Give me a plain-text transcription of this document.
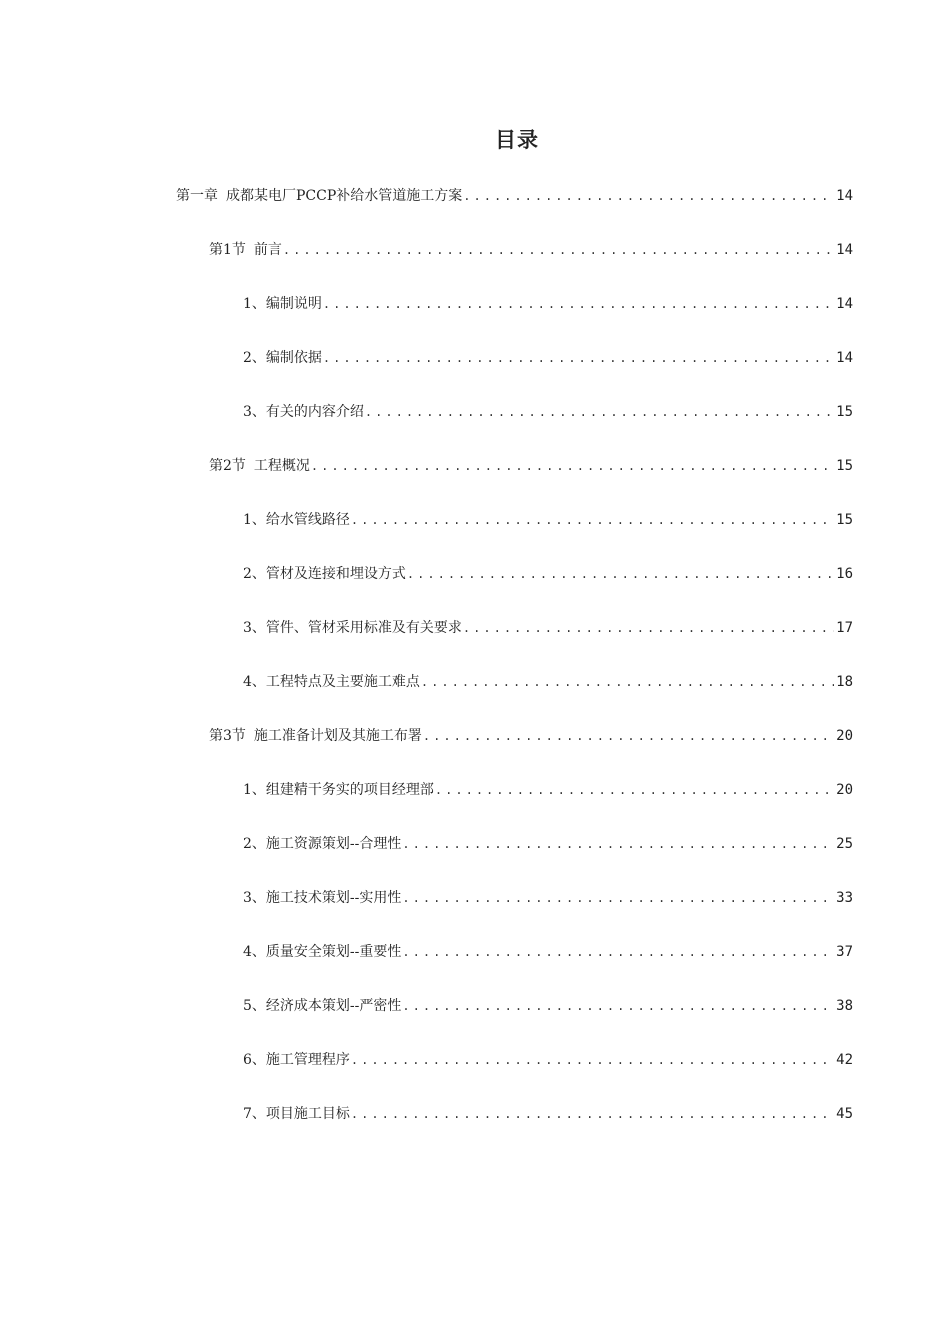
目录
第一章 成都某电厂PCCP补给水管道施工方案 .....	14
第1节 前言 .....	14
1、 编制说明 .....	14
2、 编制依据 .....	14
3、 有关的内容介绍 .....	15
第2节 工程概况 .....	15
1、 给水管线路径 .....	15
2、 管材及连接和埋设方式 .....	16
3、 管件、管材采用标准及有关要求 .....	17
4、 工程特点及主要施工难点 .....	18
第3节 施工准备计划及其施工布署 .....	20
1、 组建精干务实的项目经理部 .....	20
2、 施工资源策划--合理性 .....	25
3、 施工技术策划--实用性 .....	33
4、 质量安全策划--重要性 .....	37
5、 经济成本策划--严密性 .....	38
6、 施工管理程序 .....	42
7、 项目施工目标 .....	45
